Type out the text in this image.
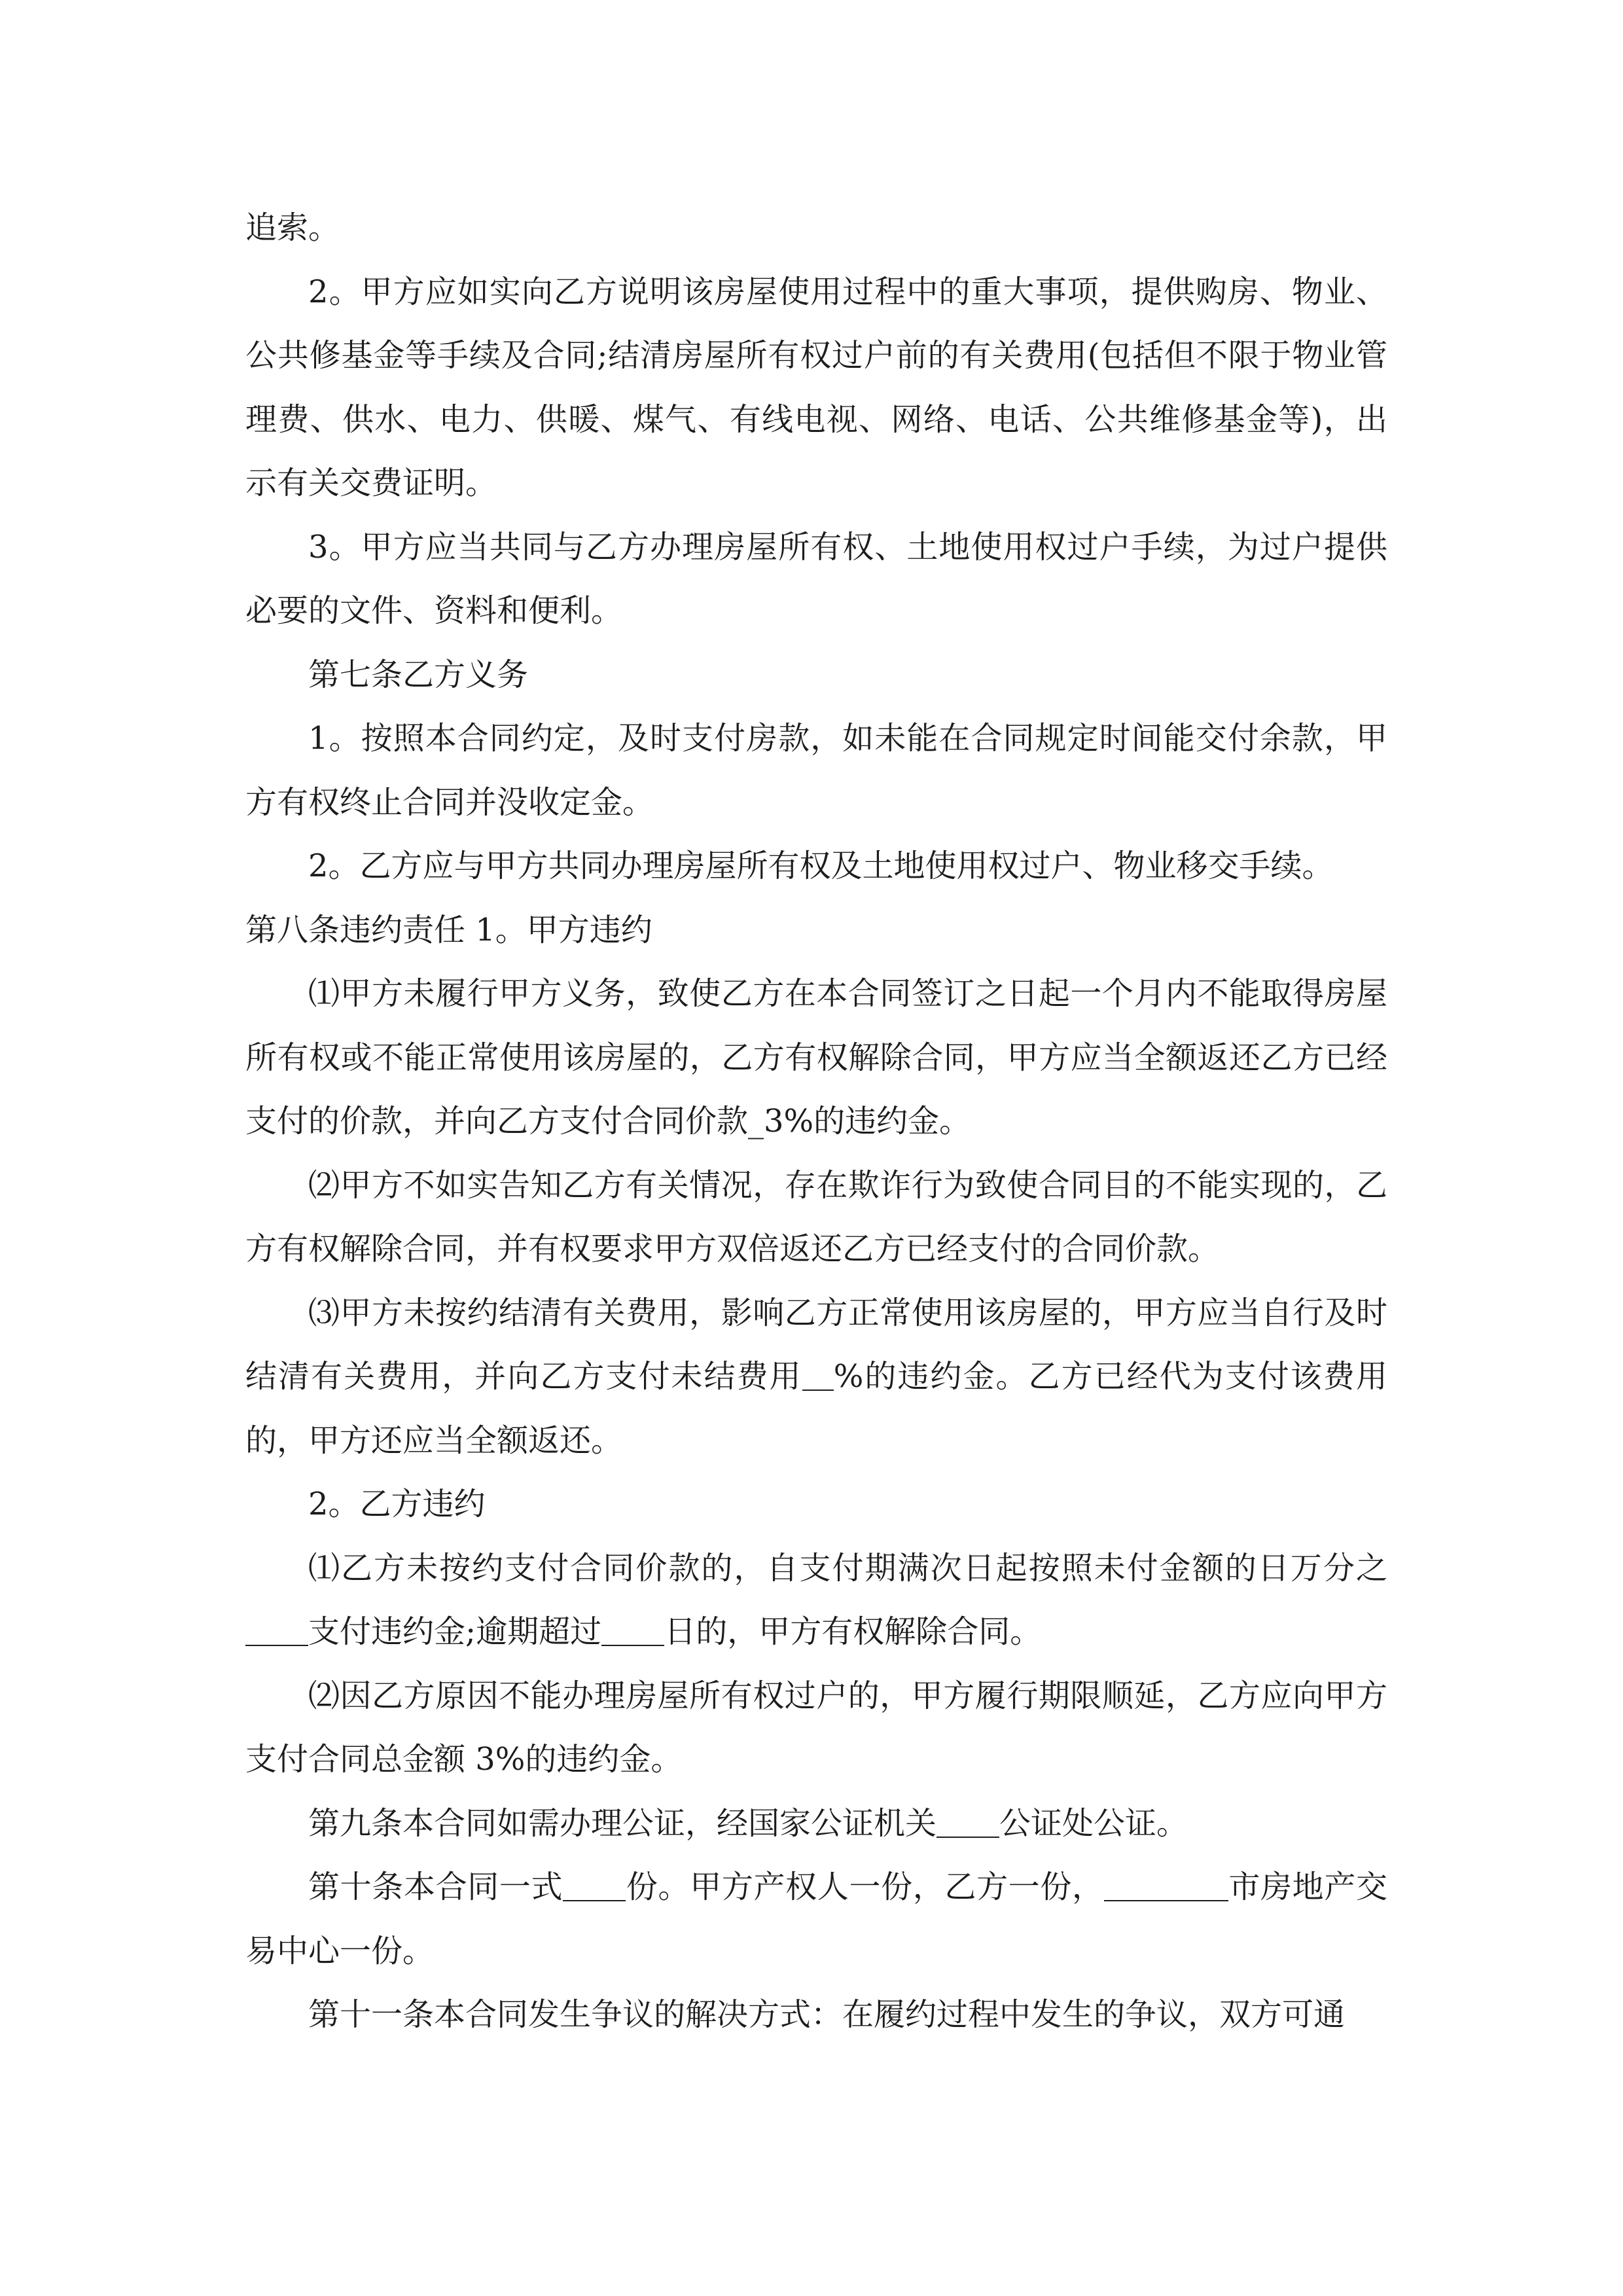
追索。

2。甲方应如实向乙方说明该房屋使用过程中的重大事项，提供购房、物业、公共修基金等手续及合同;结清房屋所有权过户前的有关费用(包括但不限于物业管理费、供水、电力、供暖、煤气、有线电视、网络、电话、公共维修基金等)，出示有关交费证明。

3。甲方应当共同与乙方办理房屋所有权、土地使用权过户手续，为过户提供必要的文件、资料和便利。

第七条乙方义务

1。按照本合同约定，及时支付房款，如未能在合同规定时间能交付余款，甲方有权终止合同并没收定金。

2。乙方应与甲方共同办理房屋所有权及土地使用权过户、物业移交手续。

第八条违约责任 1。甲方违约

⑴甲方未履行甲方义务，致使乙方在本合同签订之日起一个月内不能取得房屋所有权或不能正常使用该房屋的，乙方有权解除合同，甲方应当全额返还乙方已经支付的价款，并向乙方支付合同价款_3%的违约金。

⑵甲方不如实告知乙方有关情况，存在欺诈行为致使合同目的不能实现的，乙方有权解除合同，并有权要求甲方双倍返还乙方已经支付的合同价款。

⑶甲方未按约结清有关费用，影响乙方正常使用该房屋的，甲方应当自行及时结清有关费用，并向乙方支付未结费用 %的违约金。乙方已经代为支付该费用的，甲方还应当全额返还。

2。乙方违约

⑴乙方未按约支付合同价款的，自支付期满次日起按照未付金额的日万分之支付违约金;逾期超过 日的，甲方有权解除合同。

⑵因乙方原因不能办理房屋所有权过户的，甲方履行期限顺延，乙方应向甲方支付合同总金额 3%的违约金。

第九条本合同如需办理公证，经国家公证机关 公证处公证。

第十条本合同一式 份。甲方产权人一份，乙方一份，	市房地产交易中心一份。

第十一条本合同发生争议的解决方式：在履约过程中发生的争议，双方可通
